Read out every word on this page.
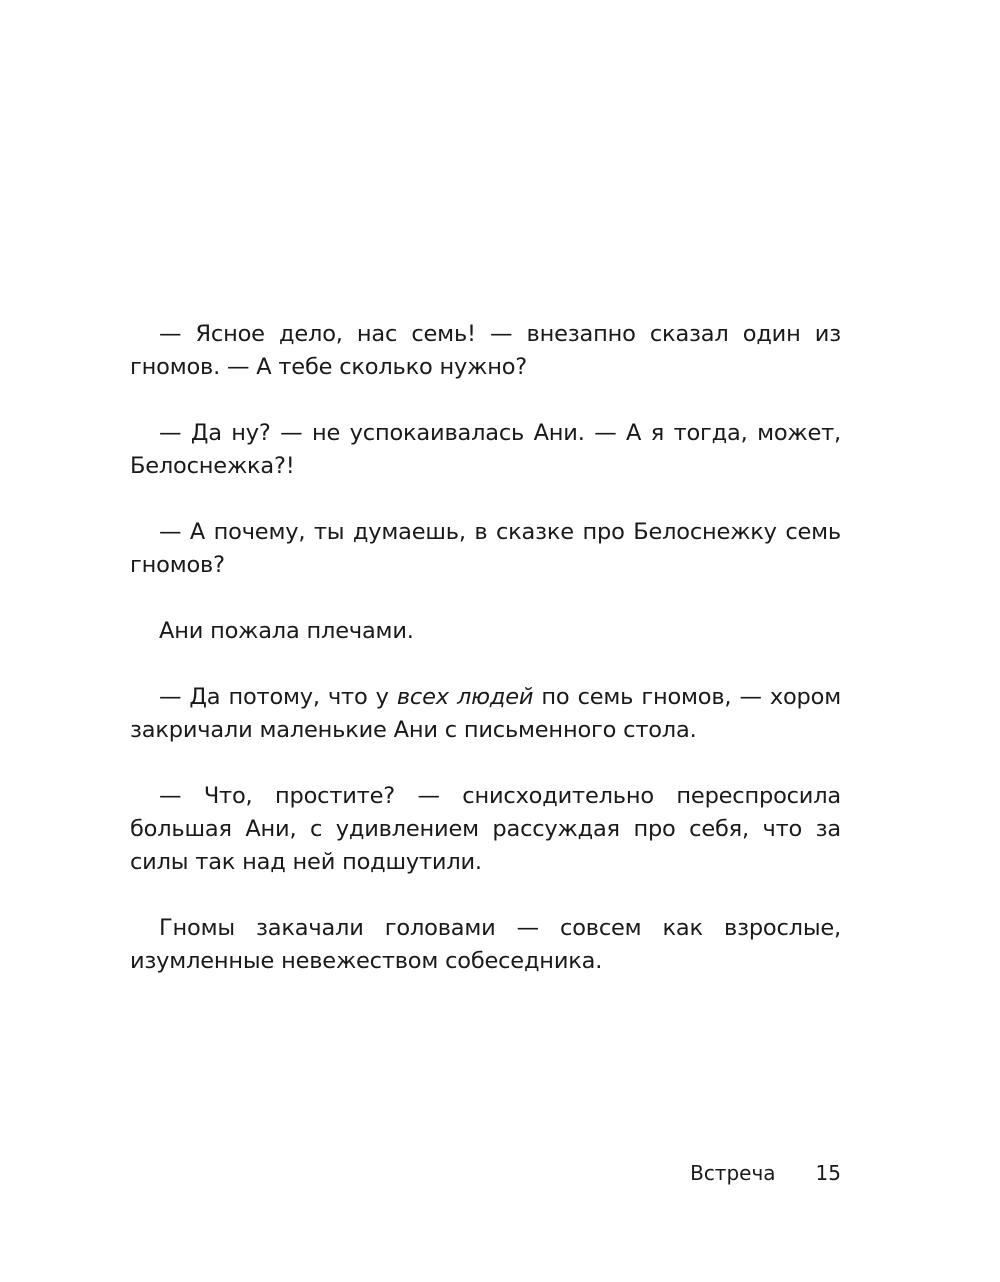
— Ясное дело, нас семь! — внезапно сказал один из гномов. — А тебе сколько нужно?

— Да ну? — не успокаивалась Ани. — А я тогда, может, Белоснежка?!

— А почему, ты думаешь, в сказке про Белоснежку семь гномов?

Ани пожала плечами.

— Да потому, что у всех людей по семь гномов, — хором закричали маленькие Ани с письменного стола.

— Что, простите? — снисходительно переспросила большая Ани, с удивлением рассуждая про себя, что за силы так над ней подшутили.

Гномы закачали головами — совсем как взрослые, изумленные невежеством собеседника.

Встреча 15
